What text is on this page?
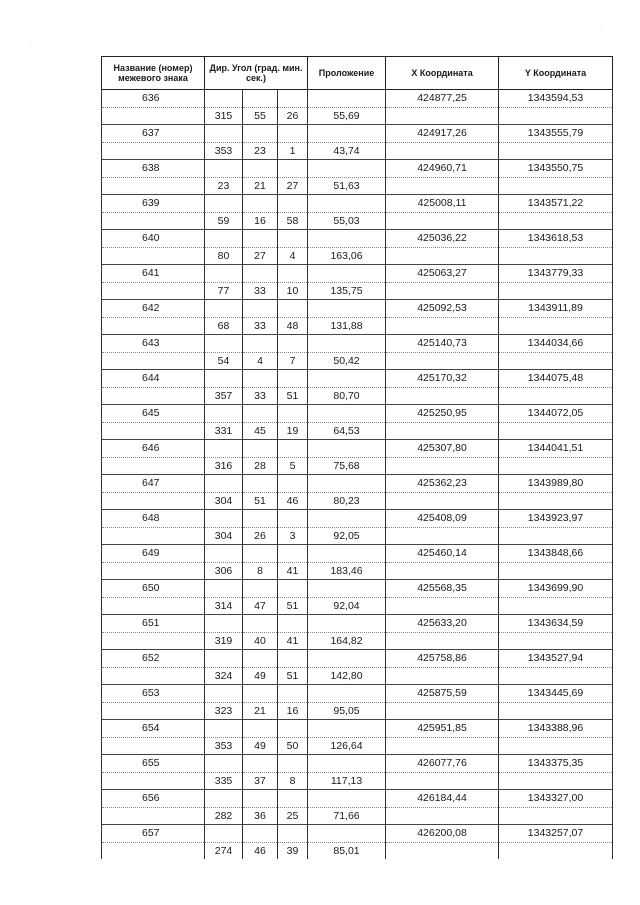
·
·
Название (номер) межевого знака	Дир. Угол (град. мин. сек.)			Проложение	X Координата	Y Координата
636					424877,25	1343594,53
	315	55	26	55,69		
637					424917,26	1343555,79
	353	23	1	43,74		
638					424960,71	1343550,75
	23	21	27	51,63		
639					425008,11	1343571,22
	59	16	58	55,03		
640					425036,22	1343618,53
	80	27	4	163,06		
641					425063,27	1343779,33
	77	33	10	135,75		
642					425092,53	1343911,89
	68	33	48	131,88		
643					425140,73	1344034,66
	54	4	7	50,42		
644					425170,32	1344075,48
	357	33	51	80,70		
645					425250,95	1344072,05
	331	45	19	64,53		
646					425307,80	1344041,51
	316	28	5	75,68		
647					425362,23	1343989,80
	304	51	46	80,23		
648					425408,09	1343923,97
	304	26	3	92,05		
649					425460,14	1343848,66
	306	8	41	183,46		
650					425568,35	1343699,90
	314	47	51	92,04		
651					425633,20	1343634,59
	319	40	41	164,82		
652					425758,86	1343527,94
	324	49	51	142,80		
653					425875,59	1343445,69
	323	21	16	95,05		
654					425951,85	1343388,96
	353	49	50	126,64		
655					426077,76	1343375,35
	335	37	8	117,13		
656					426184,44	1343327,00
	282	36	25	71,66		
657					426200,08	1343257,07
	274	46	39	85,01		
